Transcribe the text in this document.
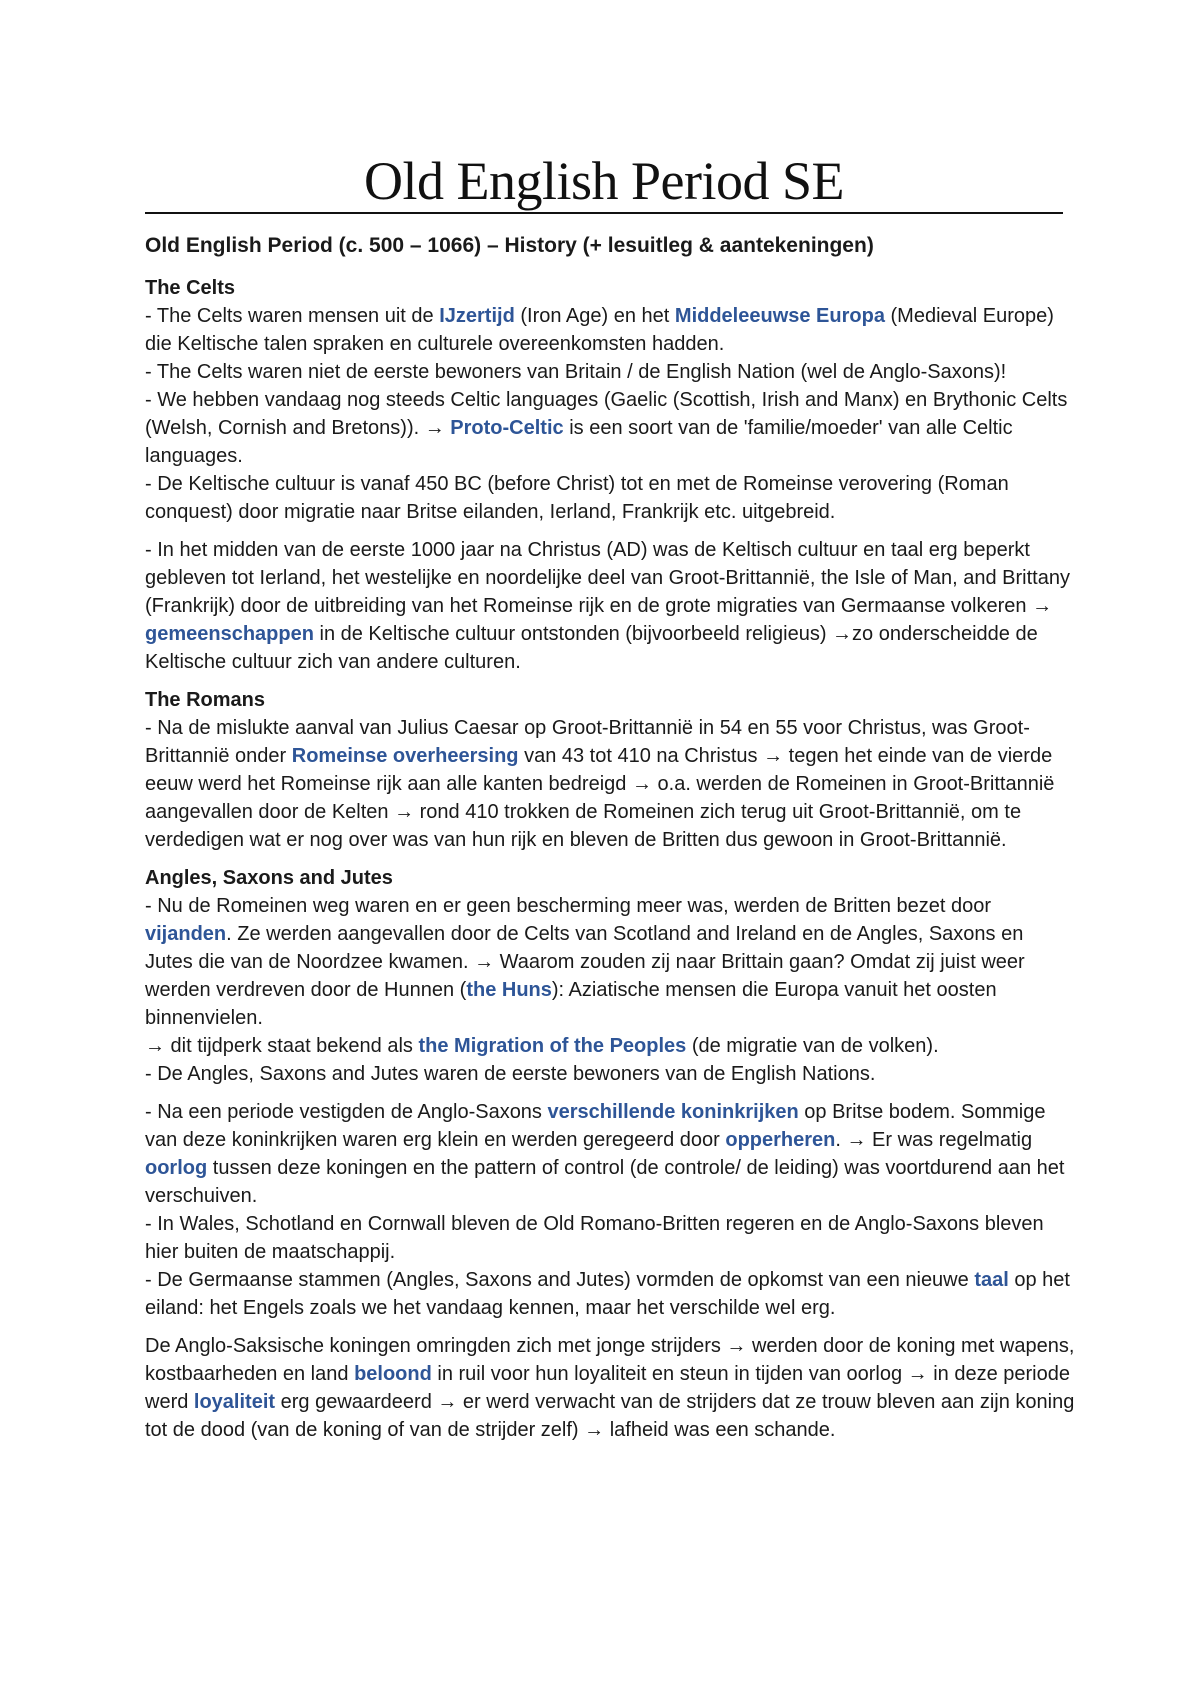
Old English Period SE
Old English Period (c. 500 – 1066) – History (+ lesuitleg & aantekeningen)
The Celts
- The Celts waren mensen uit de IJzertijd (Iron Age) en het Middeleeuwse Europa (Medieval Europe) die Keltische talen spraken en culturele overeenkomsten hadden.
- The Celts waren niet de eerste bewoners van Britain / de English Nation (wel de Anglo-Saxons)!
- We hebben vandaag nog steeds Celtic languages (Gaelic (Scottish, Irish and Manx) en Brythonic Celts (Welsh, Cornish and Bretons)). → Proto-Celtic is een soort van de 'familie/moeder' van alle Celtic languages.
- De Keltische cultuur is vanaf 450 BC (before Christ) tot en met de Romeinse verovering (Roman conquest) door migratie naar Britse eilanden, Ierland, Frankrijk etc. uitgebreid.
- In het midden van de eerste 1000 jaar na Christus (AD) was de Keltisch cultuur en taal erg beperkt gebleven tot Ierland, het westelijke en noordelijke deel van Groot-Brittannië, the Isle of Man, and Brittany (Frankrijk) door de uitbreiding van het Romeinse rijk en de grote migraties van Germaanse volkeren → gemeenschappen in de Keltische cultuur ontstonden (bijvoorbeeld religieus) →zo onderscheidde de Keltische cultuur zich van andere culturen.
The Romans
- Na de mislukte aanval van Julius Caesar op Groot-Brittannië in 54 en 55 voor Christus, was Groot-Brittannië onder Romeinse overheersing van 43 tot 410 na Christus → tegen het einde van de vierde eeuw werd het Romeinse rijk aan alle kanten bedreigd → o.a. werden de Romeinen in Groot-Brittannië aangevallen door de Kelten → rond 410 trokken de Romeinen zich terug uit Groot-Brittannië, om te verdedigen wat er nog over was van hun rijk en bleven de Britten dus gewoon in Groot-Brittannië.
Angles, Saxons and Jutes
- Nu de Romeinen weg waren en er geen bescherming meer was, werden de Britten bezet door vijanden. Ze werden aangevallen door de Celts van Scotland and Ireland en de Angles, Saxons en Jutes die van de Noordzee kwamen. → Waarom zouden zij naar Brittain gaan? Omdat zij juist weer werden verdreven door de Hunnen (the Huns): Aziatische mensen die Europa vanuit het oosten binnenvielen.
→ dit tijdperk staat bekend als the Migration of the Peoples (de migratie van de volken).
- De Angles, Saxons and Jutes waren de eerste bewoners van de English Nations.
- Na een periode vestigden de Anglo-Saxons verschillende koninkrijken op Britse bodem. Sommige van deze koninkrijken waren erg klein en werden geregeerd door opperheren. → Er was regelmatig oorlog tussen deze koningen en the pattern of control (de controle/ de leiding) was voortdurend aan het verschuiven.
- In Wales, Schotland en Cornwall bleven de Old Romano-Britten regeren en de Anglo-Saxons bleven hier buiten de maatschappij.
- De Germaanse stammen (Angles, Saxons and Jutes) vormden de opkomst van een nieuwe taal op het eiland: het Engels zoals we het vandaag kennen, maar het verschilde wel erg.
De Anglo-Saksische koningen omringden zich met jonge strijders → werden door de koning met wapens, kostbaarheden en land beloond in ruil voor hun loyaliteit en steun in tijden van oorlog → in deze periode werd loyaliteit erg gewaardeerd → er werd verwacht van de strijders dat ze trouw bleven aan zijn koning tot de dood (van de koning of van de strijder zelf) → lafheid was een schande.
